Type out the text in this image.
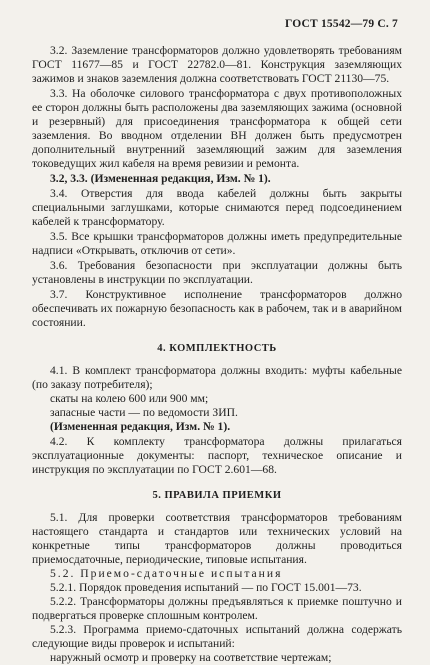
ГОСТ 15542—79 С. 7

3.2. Заземление трансформаторов должно удовлетворять требованиям ГОСТ 11677—85 и ГОСТ 22782.0—81. Конструкция заземляющих зажимов и знаков заземления должна соответствовать ГОСТ 21130—75.

3.3. На оболочке силового трансформатора с двух противоположных ее сторон должны быть расположены два заземляющих зажима (основной и резервный) для присоединения трансформатора к общей сети заземления. Во вводном отделении ВН должен быть предусмотрен дополнительный внутренний заземляющий зажим для заземления токоведущих жил кабеля на время ревизии и ремонта.

3.2, 3.3. (Измененная редакция, Изм. № 1).

3.4. Отверстия для ввода кабелей должны быть закрыты специальными заглушками, которые снимаются перед подсоединением кабелей к трансформатору.

3.5. Все крышки трансформаторов должны иметь предупредительные надписи «Открывать, отключив от сети».

3.6. Требования безопасности при эксплуатации должны быть установлены в инструкции по эксплуатации.

3.7. Конструктивное исполнение трансформаторов должно обеспечивать их пожарную безопасность как в рабочем, так и в аварийном состоянии.

4. КОМПЛЕКТНОСТЬ

4.1. В комплект трансформатора должны входить: муфты кабельные (по заказу потребителя);

скаты на колею 600 или 900 мм;

запасные части — по ведомости ЗИП.

(Измененная редакция, Изм. № 1).

4.2. К комплекту трансформатора должны прилагаться эксплуатационные документы: паспорт, техническое описание и инструкция по эксплуатации по ГОСТ 2.601—68.

5. ПРАВИЛА ПРИЕМКИ

5.1. Для проверки соответствия трансформаторов требованиям настоящего стандарта и стандартов или технических условий на конкретные типы трансформаторов должны проводиться приемосдаточные, периодические, типовые испытания.

5.2. Приемо-сдаточные испытания

5.2.1. Порядок проведения испытаний — по ГОСТ 15.001—73.

5.2.2. Трансформаторы должны предъявляться к приемке поштучно и подвергаться проверке сплошным контролем.

5.2.3. Программа приемо-сдаточных испытаний должна содержать следующие виды проверок и испытаний:

наружный осмотр и проверку на соответствие чертежам;
